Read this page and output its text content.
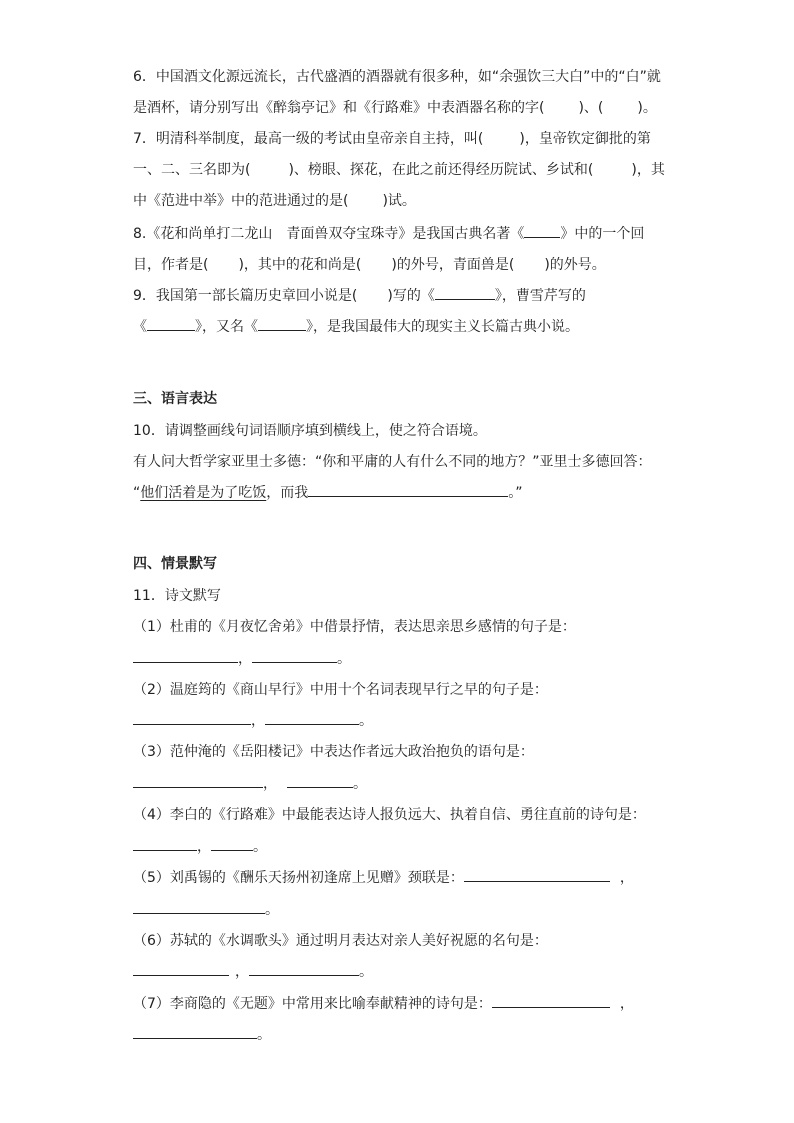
6．中国酒文化源远流长，古代盛酒的酒器就有很多种，如“余强饮三大白”中的“白”就
是酒杯，请分别写出《醉翁亭记》和《行路难》中表酒器名称的字( )、( )。
7．明清科举制度，最高一级的考试由皇帝亲自主持，叫(	)，皇帝钦定御批的第
一、二、三名即为(	)、榜眼、探花，在此之前还得经历院试、乡试和(	)，其
中《范进中举》中的范进通过的是( )试。
8.《花和尚单打二龙山　青面兽双夺宝珠寺》是我国古典名著《	》中的一个回
目，作者是( )，其中的花和尚是( )的外号，青面兽是( )的外号。
9．我国第一部长篇历史章回小说是( )写的《	》，曹雪芹写的
《	》，又名《	》，是我国最伟大的现实主义长篇古典小说。
三、语言表达
10．请调整画线句词语顺序填到横线上，使之符合语境。
有人问大哲学家亚里士多德：“你和平庸的人有什么不同的地方？”亚里士多德回答：
“他们活着是为了吃饭，而我	。”
四、情景默写
11．诗文默写
（1）杜甫的《月夜忆舍弟》中借景抒情，表达思亲思乡感情的句子是：
，	。
（2）温庭筠的《商山早行》中用十个名词表现早行之早的句子是：
，	。
（3）范仲淹的《岳阳楼记》中表达作者远大政治抱负的语句是：
，	。
（4）李白的《行路难》中最能表达诗人报负远大、执着自信、勇往直前的诗句是：
，	。
（5）刘禹锡的《酬乐天扬州初逢席上见赠》颈联是：	，
。
（6）苏轼的《水调歌头》通过明月表达对亲人美好祝愿的名句是：
，	。
（7）李商隐的《无题》中常用来比喻奉献精神的诗句是：	，
。
